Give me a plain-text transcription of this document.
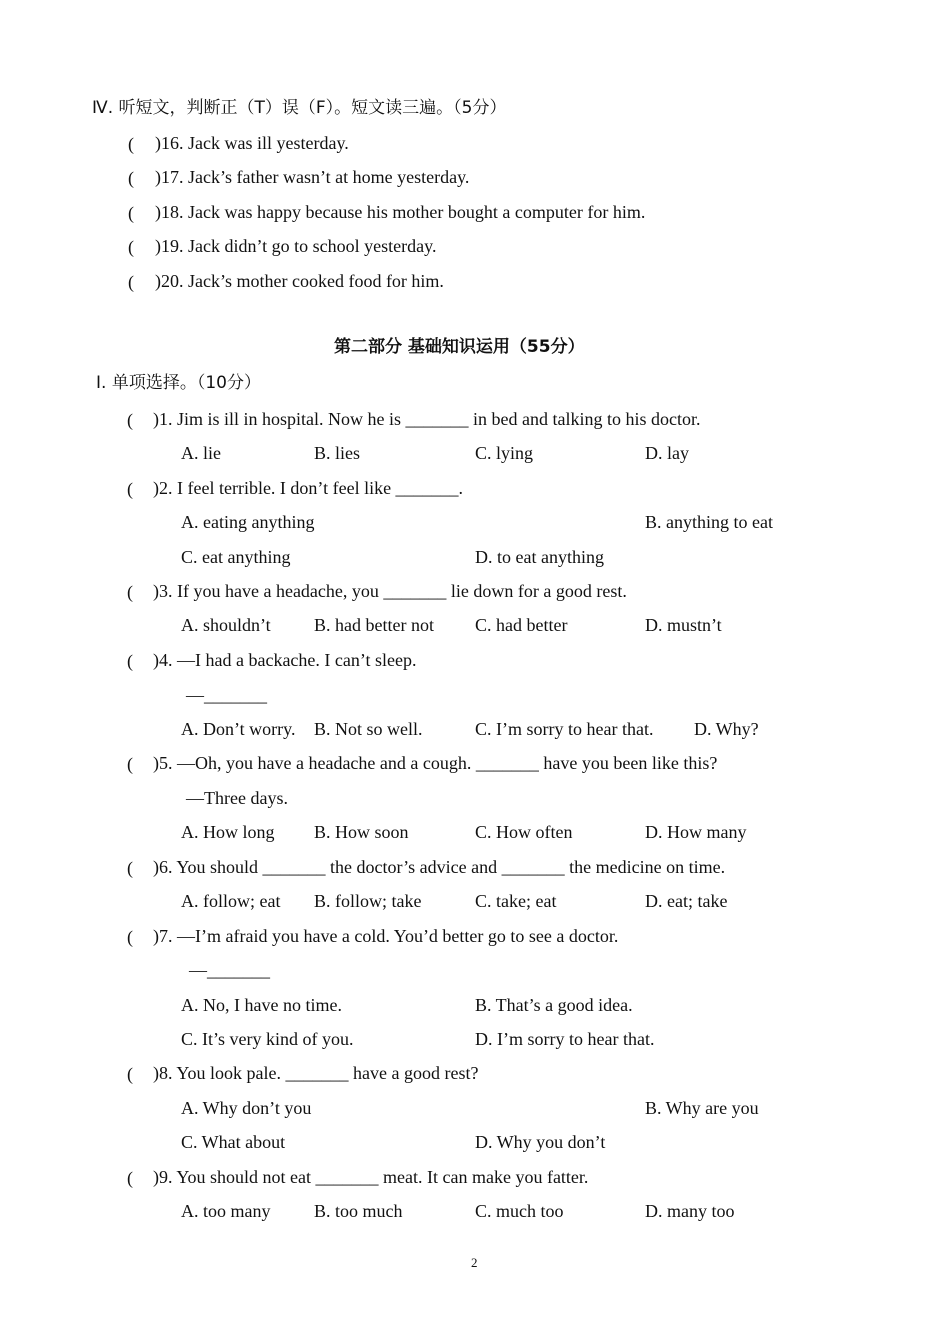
Ⅳ. 听短文，判断正（T）误（F）。短文读三遍。（5分）
( )16. Jack was ill yesterday.
( )17. Jack’s father wasn’t at home yesterday.
( )18. Jack was happy because his mother bought a computer for him.
( )19. Jack didn’t go to school yesterday.
( )20. Jack’s mother cooked food for him.
第二部分 基础知识运用（55分）
Ⅰ. 单项选择。（10分）
( )1. Jim is ill in hospital. Now he is _______ in bed and talking to his doctor.
A. lie	B. lies	C. lying	D. lay
( )2. I feel terrible. I don’t feel like _______.
A. eating anything	B. anything to eat
C. eat anything	D. to eat anything
( )3. If you have a headache, you _______ lie down for a good rest.
A. shouldn’t B. had better not C. had better	D. mustn’t
( )4. —I had a backache. I can’t sleep.
—_______
A. Don’t worry. B. Not so well.	C. I’m sorry to hear that. D. Why?
( )5. —Oh, you have a headache and a cough. _______ have you been like this?
—Three days.
A. How long B. How soon	C. How often	D. How many
( )6. You should _______ the doctor’s advice and _______ the medicine on time.
A. follow; eat B. follow; take	C. take; eat	D. eat; take
( )7. —I’m afraid you have a cold. You’d better go to see a doctor.
—_______
A. No, I have no time.	B. That’s a good idea.
C. It’s very kind of you.	D. I’m sorry to hear that.
( )8. You look pale. _______ have a good rest?
A. Why don’t you	B. Why are you
C. What about	D. Why you don’t
( )9. You should not eat _______ meat. It can make you fatter.
A. too many B. too much	C. much too	D. many too
2
